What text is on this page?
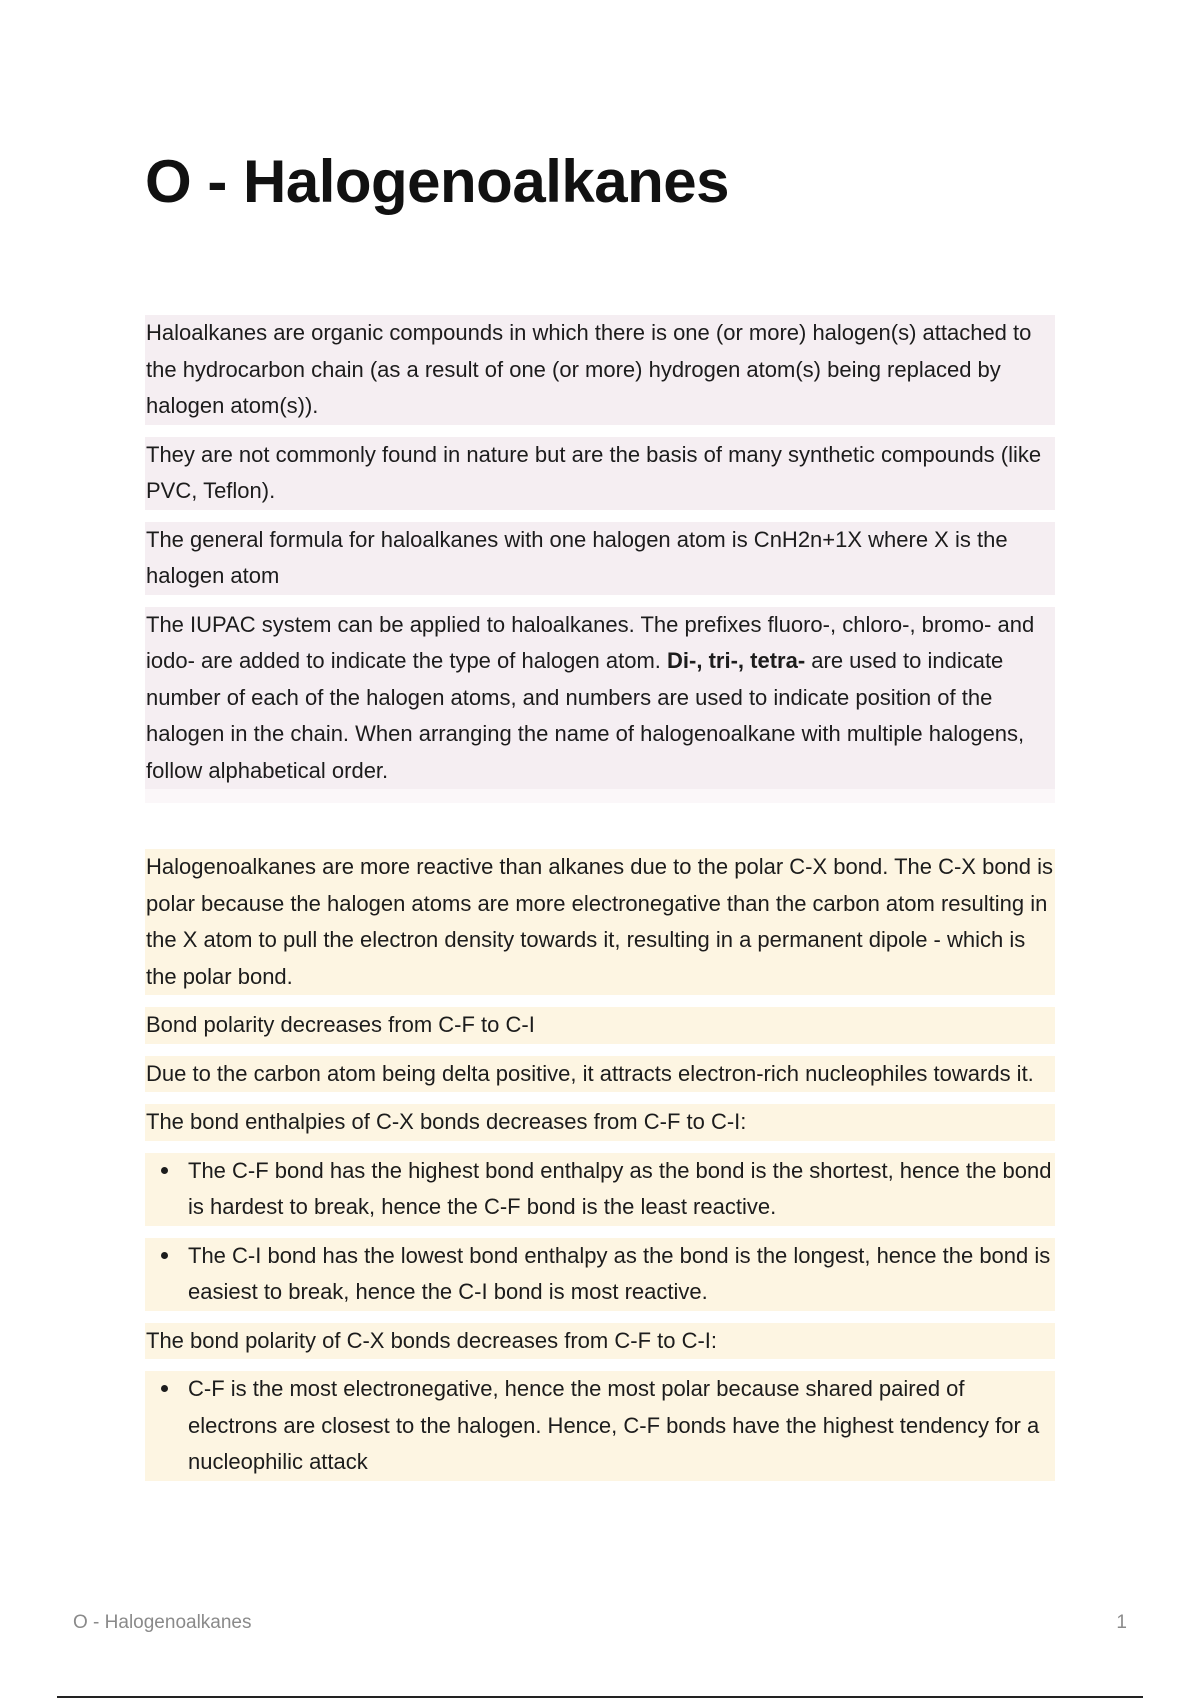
O - Halogenoalkanes
Haloalkanes are organic compounds in which there is one (or more) halogen(s) attached to the hydrocarbon chain (as a result of one (or more) hydrogen atom(s) being replaced by halogen atom(s)).
They are not commonly found in nature but are the basis of many synthetic compounds (like PVC, Teflon).
The general formula for haloalkanes with one halogen atom is CnH2n+1X where X is the halogen atom
The IUPAC system can be applied to haloalkanes. The prefixes fluoro-, chloro-, bromo- and iodo- are added to indicate the type of halogen atom. Di-, tri-, tetra- are used to indicate number of each of the halogen atoms, and numbers are used to indicate position of the halogen in the chain. When arranging the name of halogenoalkane with multiple halogens, follow alphabetical order.
Halogenoalkanes are more reactive than alkanes due to the polar C-X bond. The C-X bond is polar because the halogen atoms are more electronegative than the carbon atom resulting in the X atom to pull the electron density towards it, resulting in a permanent dipole - which is the polar bond.
Bond polarity decreases from C-F to C-I
Due to the carbon atom being delta positive, it attracts electron-rich nucleophiles towards it.
The bond enthalpies of C-X bonds decreases from C-F to C-I:
The C-F bond has the highest bond enthalpy as the bond is the shortest, hence the bond is hardest to break, hence the C-F bond is the least reactive.
The C-I bond has the lowest bond enthalpy as the bond is the longest, hence the bond is easiest to break, hence the C-I bond is most reactive.
The bond polarity of C-X bonds decreases from C-F to C-I:
C-F is the most electronegative, hence the most polar because shared paired of electrons are closest to the halogen. Hence, C-F bonds have the highest tendency for a nucleophilic attack
O - Halogenoalkanes	1
